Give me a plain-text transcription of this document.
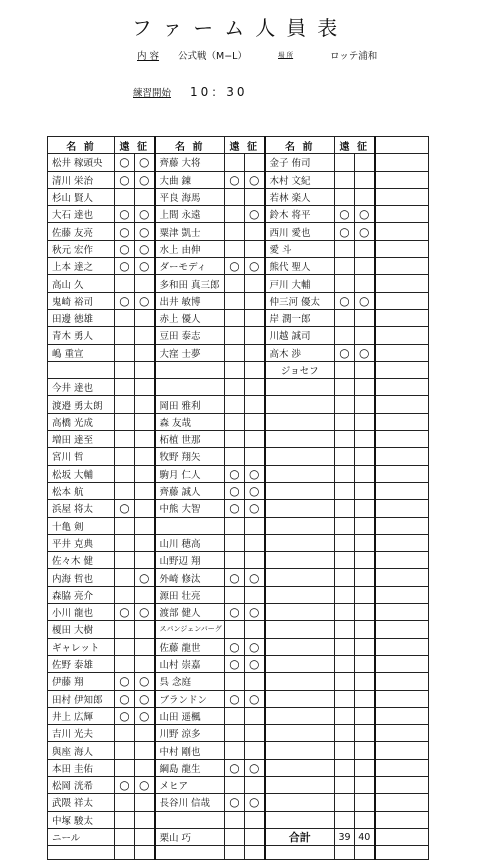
ファーム人員表
内 容 公式戦（M−L）	場 所	ロッテ浦和
練習開始 10：30
名 前	遠 征		名 前	遠 征		名 前	遠 征		
松井 稼頭央	○	○	齊藤 大将			金子 侑司			
清川 栄治	○	○	大曲 錬	○	○	木村 文紀			
杉山 賢人			平良 海馬			若林 楽人			
大石 達也	○	○	上間 永遠		○	鈴木 将平	○	○	
佐藤 友亮	○	○	粟津 凱士			西川 愛也	○	○	
秋元 宏作	○	○	水上 由伸			愛 斗			
上本 達之	○	○	ダーモディ	○	○	熊代 聖人			
高山 久			多和田 真三郎			戸川 大輔			
鬼崎 裕司	○	○	出井 敏博			仲三河 優太	○	○	
田邊 徳雄			赤上 優人			岸 潤一郎			
青木 勇人			豆田 泰志			川越 誠司			
嶋 重宣			大窪 士夢			高木 渉	○	○	
						ジョセフ			
今井 達也									
渡邉 勇太朗			岡田 雅利						
高橋 光成			森 友哉						
増田 達至			柘植 世那						
宮川 哲			牧野 翔矢						
松坂 大輔			駒月 仁人	○	○				
松本 航			齊藤 誠人	○	○				
浜屋 将太	○		中熊 大智	○	○				
十亀 剣									
平井 克典			山川 穂高						
佐々木 健			山野辺 翔						
内海 哲也		○	外崎 修汰	○	○				
森脇 亮介			源田 壮亮						
小川 龍也	○	○	渡部 健人	○	○				
榎田 大樹			スパンジェンバーグ						
ギャレット			佐藤 龍世	○	○				
佐野 泰雄			山村 崇嘉	○	○				
伊藤 翔	○	○	呉 念庭						
田村 伊知郎	○	○	ブランドン	○	○				
井上 広輝	○	○	山田 遥楓						
吉川 光夫			川野 涼多						
與座 海人			中村 剛也						
本田 圭佑			綱島 龍生	○	○				
松岡 洸希	○	○	メヒア						
武隈 祥太			長谷川 信哉	○	○				
中塚 駿太									
ニール			栗山 巧			合計	39	40	
